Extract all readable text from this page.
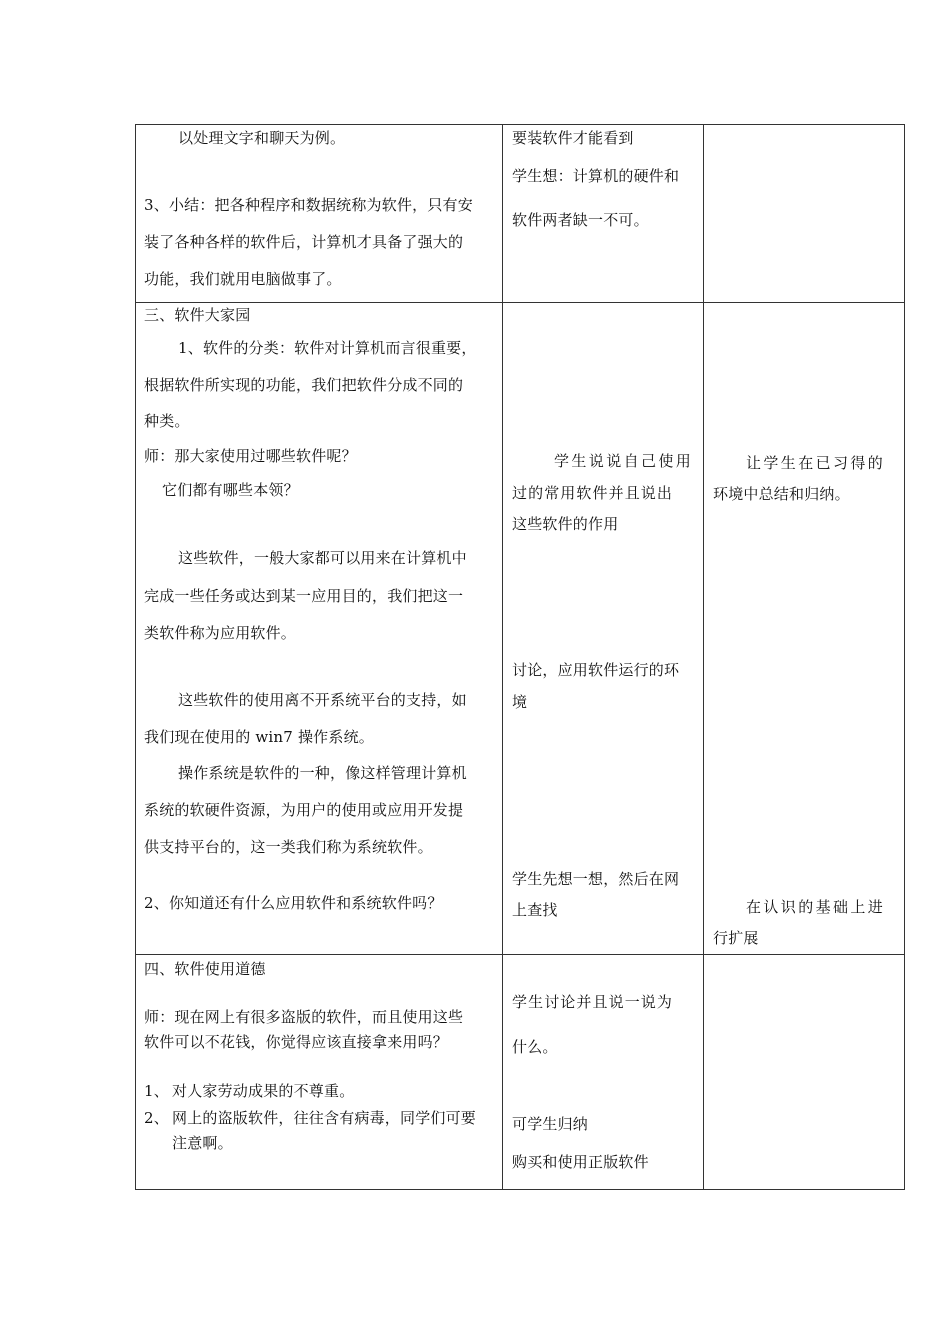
以处理文字和聊天为例。
3、小结：把各种程序和数据统称为软件，只有安
装了各种各样的软件后，计算机才具备了强大的
功能，我们就用电脑做事了。
要装软件才能看到
学生想：计算机的硬件和
软件两者缺一不可。
三、软件大家园
1、软件的分类：软件对计算机而言很重要，
根据软件所实现的功能，我们把软件分成不同的
种类。
师：那大家使用过哪些软件呢？
它们都有哪些本领？
这些软件，一般大家都可以用来在计算机中
完成一些任务或达到某一应用目的，我们把这一
类软件称为应用软件。
这些软件的使用离不开系统平台的支持，如
我们现在使用的 win7 操作系统。
操作系统是软件的一种，像这样管理计算机
系统的软硬件资源，为用户的使用或应用开发提
供支持平台的，这一类我们称为系统软件。
2、你知道还有什么应用软件和系统软件吗？
学生说说自己使用
过的常用软件并且说出
这些软件的作用
讨论，应用软件运行的环
境
学生先想一想，然后在网
上查找
让学生在已习得的
环境中总结和归纳。
在认识的基础上进
行扩展
四、软件使用道德
师：现在网上有很多盗版的软件，而且使用这些
软件可以不花钱，你觉得应该直接拿来用吗？
1、 对人家劳动成果的不尊重。
2、 网上的盗版软件，往往含有病毒，同学们可要
注意啊。
学生讨论并且说一说为
什么。
可学生归纳
购买和使用正版软件
